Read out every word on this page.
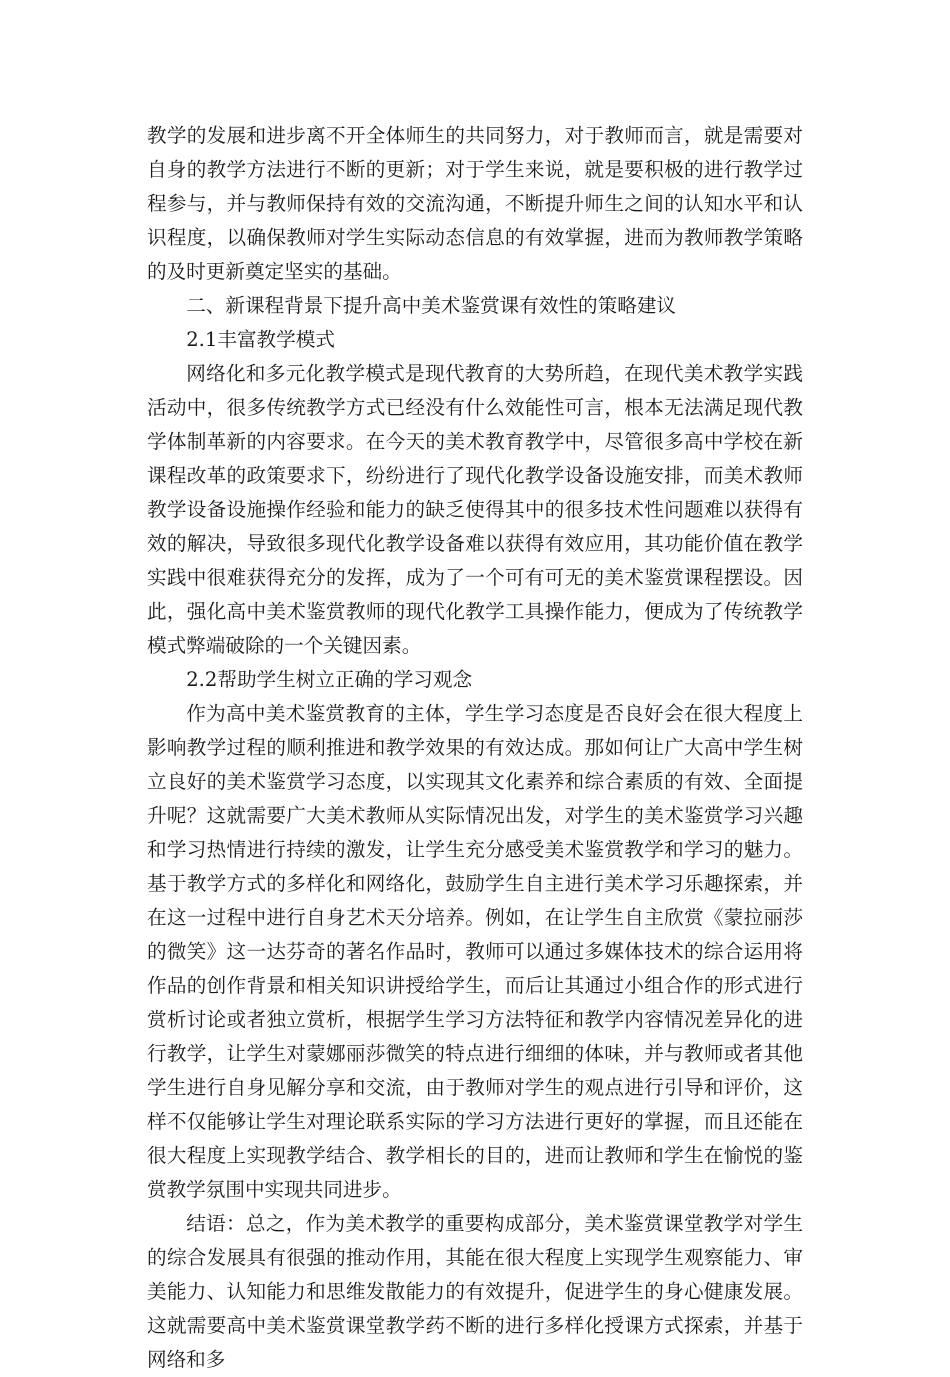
教学的发展和进步离不开全体师生的共同努力，对于教师而言，就是需要对自身的教学方法进行不断的更新；对于学生来说，就是要积极的进行教学过程参与，并与教师保持有效的交流沟通，不断提升师生之间的认知水平和认识程度，以确保教师对学生实际动态信息的有效掌握，进而为教师教学策略的及时更新奠定坚实的基础。

二、新课程背景下提升高中美术鉴赏课有效性的策略建议

2.1丰富教学模式

网络化和多元化教学模式是现代教育的大势所趋，在现代美术教学实践活动中，很多传统教学方式已经没有什么效能性可言，根本无法满足现代教学体制革新的内容要求。在今天的美术教育教学中，尽管很多高中学校在新课程改革的政策要求下，纷纷进行了现代化教学设备设施安排，而美术教师教学设备设施操作经验和能力的缺乏使得其中的很多技术性问题难以获得有效的解决，导致很多现代化教学设备难以获得有效应用，其功能价值在教学实践中很难获得充分的发挥，成为了一个可有可无的美术鉴赏课程摆设。因此，强化高中美术鉴赏教师的现代化教学工具操作能力，便成为了传统教学模式弊端破除的一个关键因素。

2.2帮助学生树立正确的学习观念

作为高中美术鉴赏教育的主体，学生学习态度是否良好会在很大程度上影响教学过程的顺利推进和教学效果的有效达成。那如何让广大高中学生树立良好的美术鉴赏学习态度，以实现其文化素养和综合素质的有效、全面提升呢？这就需要广大美术教师从实际情况出发，对学生的美术鉴赏学习兴趣和学习热情进行持续的激发，让学生充分感受美术鉴赏教学和学习的魅力。基于教学方式的多样化和网络化，鼓励学生自主进行美术学习乐趣探索，并在这一过程中进行自身艺术天分培养。例如，在让学生自主欣赏《蒙拉丽莎的微笑》这一达芬奇的著名作品时，教师可以通过多媒体技术的综合运用将作品的创作背景和相关知识讲授给学生，而后让其通过小组合作的形式进行赏析讨论或者独立赏析，根据学生学习方法特征和教学内容情况差异化的进行教学，让学生对蒙娜丽莎微笑的特点进行细细的体味，并与教师或者其他学生进行自身见解分享和交流，由于教师对学生的观点进行引导和评价，这样不仅能够让学生对理论联系实际的学习方法进行更好的掌握，而且还能在很大程度上实现教学结合、教学相长的目的，进而让教师和学生在愉悦的鉴赏教学氛围中实现共同进步。

结语：总之，作为美术教学的重要构成部分，美术鉴赏课堂教学对学生的综合发展具有很强的推动作用，其能在很大程度上实现学生观察能力、审美能力、认知能力和思维发散能力的有效提升，促进学生的身心健康发展。这就需要高中美术鉴赏课堂教学药不断的进行多样化授课方式探索，并基于网络和多
